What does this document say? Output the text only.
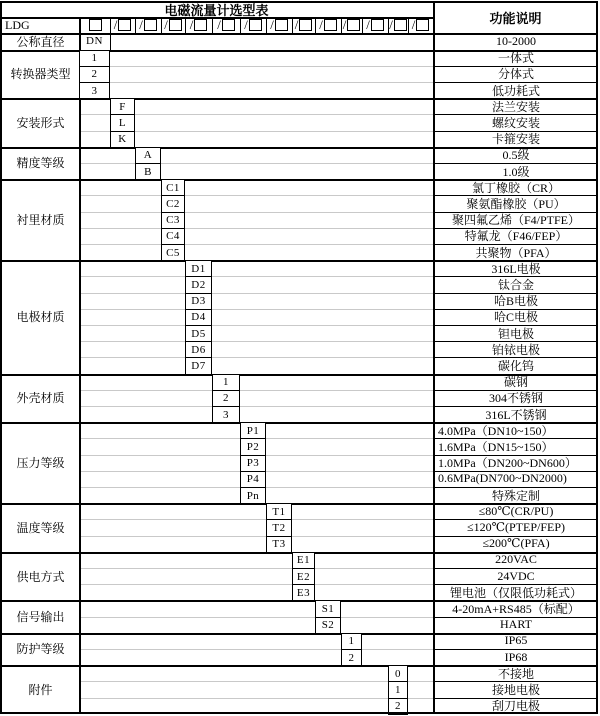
电磁流量计选型表
功能说明
LDG	/ / / / / / / / / / / / /
公称直径	DN	10-2000
转换器类型
1	一体式
2	分体式
3	低功耗式
安装形式
F	法兰安装
L	螺纹安装
K	卡箍安装
精度等级
A	0.5级
B	1.0级
衬里材质
C1	氯丁橡胶（CR）
C2	聚氨酯橡胶（PU）
C3	聚四氟乙烯（F4/PTFE）
C4	特氟龙（F46/FEP）
C5	共聚物（PFA）
电极材质
D1	316L电极
D2	钛合金
D3	哈B电极
D4	哈C电极
D5	钽电极
D6	铂铱电极
D7	碳化钨
外壳材质
1	碳钢
2	304不锈钢
3	316L不锈钢
压力等级
P1	4.0MPa（DN10~150）
P2	1.6MPa（DN15~150）
P3	1.0MPa（DN200~DN600）
P4	0.6MPa(DN700~DN2000)
Pn	特殊定制
温度等级
T1	≤80℃(CR/PU)
T2	≤120℃(PTEP/FEP)
T3	≤200℃(PFA)
供电方式
E1	220VAC
E2	24VDC
E3	锂电池（仅限低功耗式）
信号输出
S1	4-20mA+RS485（标配）
S2	HART
防护等级
1	IP65
2	IP68
附件
0	不接地
1	接地电极
2	刮刀电极
